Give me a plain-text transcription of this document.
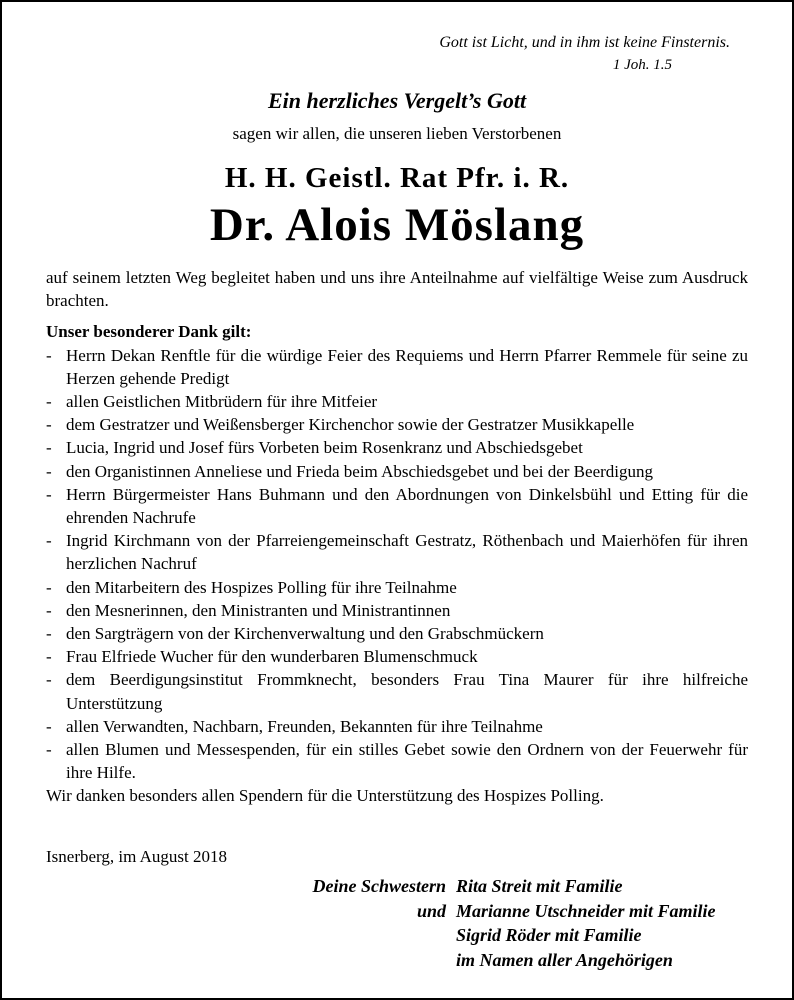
Gott ist Licht, und in ihm ist keine Finsternis.
1 Joh. 1.5
Ein herzliches Vergelt’s Gott
sagen wir allen, die unseren lieben Verstorbenen
H. H. Geistl. Rat Pfr. i. R.
Dr. Alois Möslang

auf seinem letzten Weg begleitet haben und uns ihre Anteilnahme auf vielfältige Weise zum Ausdruck brachten.

Unser besonderer Dank gilt:

- Herrn Dekan Renftle für die würdige Feier des Requiems und Herrn Pfarrer Remmele für seine zu Herzen gehende Predigt
- allen Geistlichen Mitbrüdern für ihre Mitfeier
- dem Gestratzer und Weißensberger Kirchenchor sowie der Gestratzer Musikkapelle
- Lucia, Ingrid und Josef fürs Vorbeten beim Rosenkranz und Abschiedsgebet
- den Organistinnen Anneliese und Frieda beim Abschiedsgebet und bei der Beerdigung
- Herrn Bürgermeister Hans Buhmann und den Abordnungen von Dinkelsbühl und Etting für die ehrenden Nachrufe
- Ingrid Kirchmann von der Pfarreiengemeinschaft Gestratz, Röthenbach und Maierhöfen für ihren herzlichen Nachruf
- den Mitarbeitern des Hospizes Polling für ihre Teilnahme
- den Mesnerinnen, den Ministranten und Ministrantinnen
- den Sargträgern von der Kirchenverwaltung und den Grabschmückern
- Frau Elfriede Wucher für den wunderbaren Blumenschmuck
- dem Beerdigungsinstitut Frommknecht, besonders Frau Tina Maurer für ihre hilfreiche Unterstützung
- allen Verwandten, Nachbarn, Freunden, Bekannten für ihre Teilnahme
- allen Blumen und Messespenden, für ein stilles Gebet sowie den Ordnern von der Feuerwehr für ihre Hilfe.

Wir danken besonders allen Spendern für die Unterstützung des Hospizes Polling.

Isnerberg, im August 2018
Deine Schwestern Rita Streit mit Familie
und Marianne Utschneider mit Familie
Sigrid Röder mit Familie
im Namen aller Angehörigen
